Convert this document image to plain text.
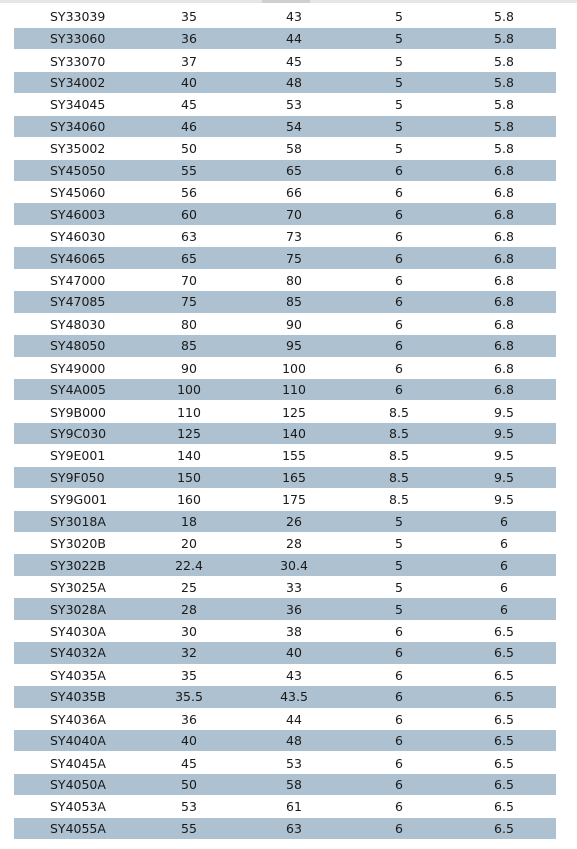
SY33039	35	43	5	5.8
SY33060	36	44	5	5.8
SY33070	37	45	5	5.8
SY34002	40	48	5	5.8
SY34045	45	53	5	5.8
SY34060	46	54	5	5.8
SY35002	50	58	5	5.8
SY45050	55	65	6	6.8
SY45060	56	66	6	6.8
SY46003	60	70	6	6.8
SY46030	63	73	6	6.8
SY46065	65	75	6	6.8
SY47000	70	80	6	6.8
SY47085	75	85	6	6.8
SY48030	80	90	6	6.8
SY48050	85	95	6	6.8
SY49000	90	100	6	6.8
SY4A005	100	110	6	6.8
SY9B000	110	125	8.5	9.5
SY9C030	125	140	8.5	9.5
SY9E001	140	155	8.5	9.5
SY9F050	150	165	8.5	9.5
SY9G001	160	175	8.5	9.5
SY3018A	18	26	5	6
SY3020B	20	28	5	6
SY3022B	22.4	30.4	5	6
SY3025A	25	33	5	6
SY3028A	28	36	5	6
SY4030A	30	38	6	6.5
SY4032A	32	40	6	6.5
SY4035A	35	43	6	6.5
SY4035B	35.5	43.5	6	6.5
SY4036A	36	44	6	6.5
SY4040A	40	48	6	6.5
SY4045A	45	53	6	6.5
SY4050A	50	58	6	6.5
SY4053A	53	61	6	6.5
SY4055A	55	63	6	6.5
